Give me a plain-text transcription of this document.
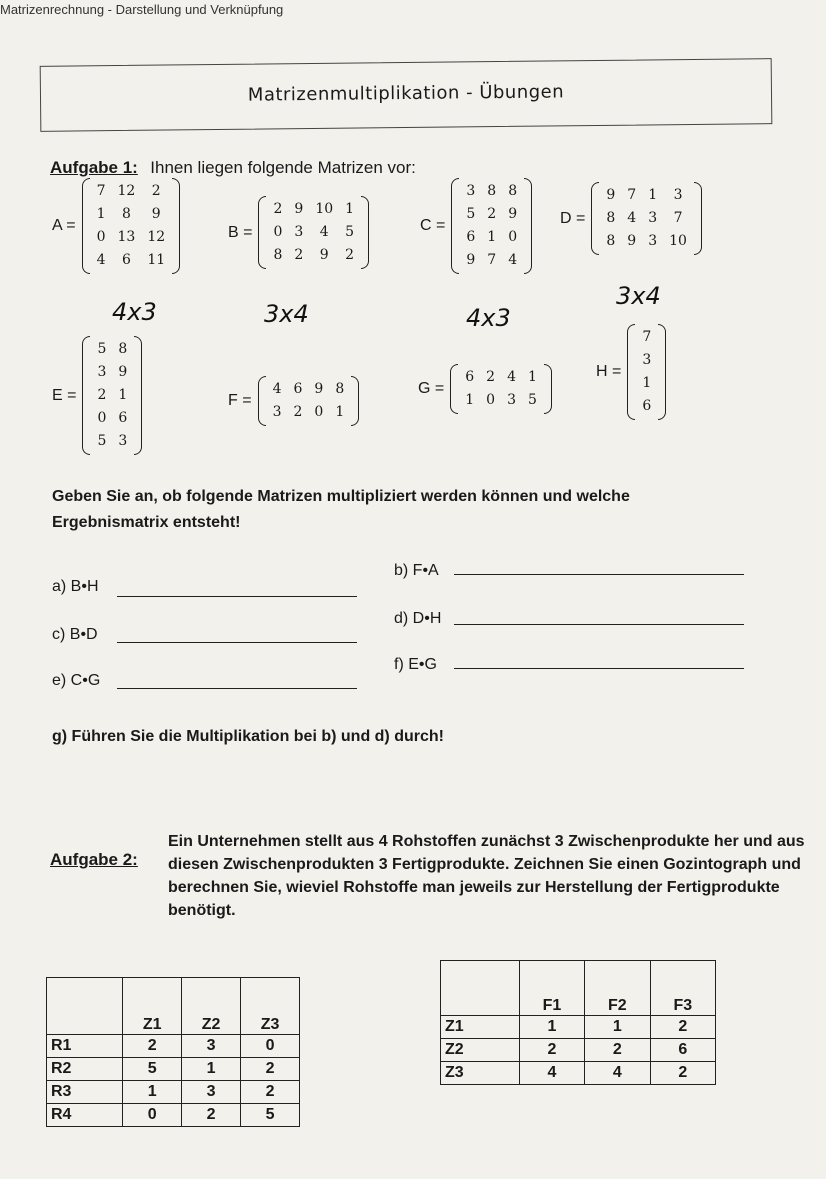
Matrizenrechnung - Darstellung und Verknüpfung
Matrizenmultiplikation - Übungen
Aufgabe 1: Ihnen liegen folgende Matrizen vor:
A =
7	12	2
1	8	9
0	13	12
4	6	11
B =
2	9	10	1
0	3	4	5
8	2	9	2
C =
3	8	8
5	2	9
6	1	0
9	7	4
D =
9	7	1	3
8	4	3	7
8	9	3	10
4x3	3x4	4x3
3x4
E =
5	8
3	9
2	1
0	6
5	3
F =
4	6	9	8
3	2	0	1
G =
6	2	4	1
1	0	3	5
H =
7
3
1
6
Geben Sie an, ob folgende Matrizen multipliziert werden können und welche Ergebnismatrix entsteht!
a) B•H
b) F•A
c) B•D
d) D•H
e) C•G
f) E•G
g) Führen Sie die Multiplikation bei b) und d) durch!
Aufgabe 2:
Ein Unternehmen stellt aus 4 Rohstoffen zunächst 3 Zwischenprodukte her und aus diesen Zwischenprodukten 3 Fertigprodukte. Zeichnen Sie einen Gozintograph und berechnen Sie, wieviel Rohstoffe man jeweils zur Herstellung der Fertigprodukte benötigt.
	Z1	Z2	Z3
R1	2	3	0
R2	5	1	2
R3	1	3	2
R4	0	2	5
	F1	F2	F3
Z1	1	1	2
Z2	2	2	6
Z3	4	4	2
